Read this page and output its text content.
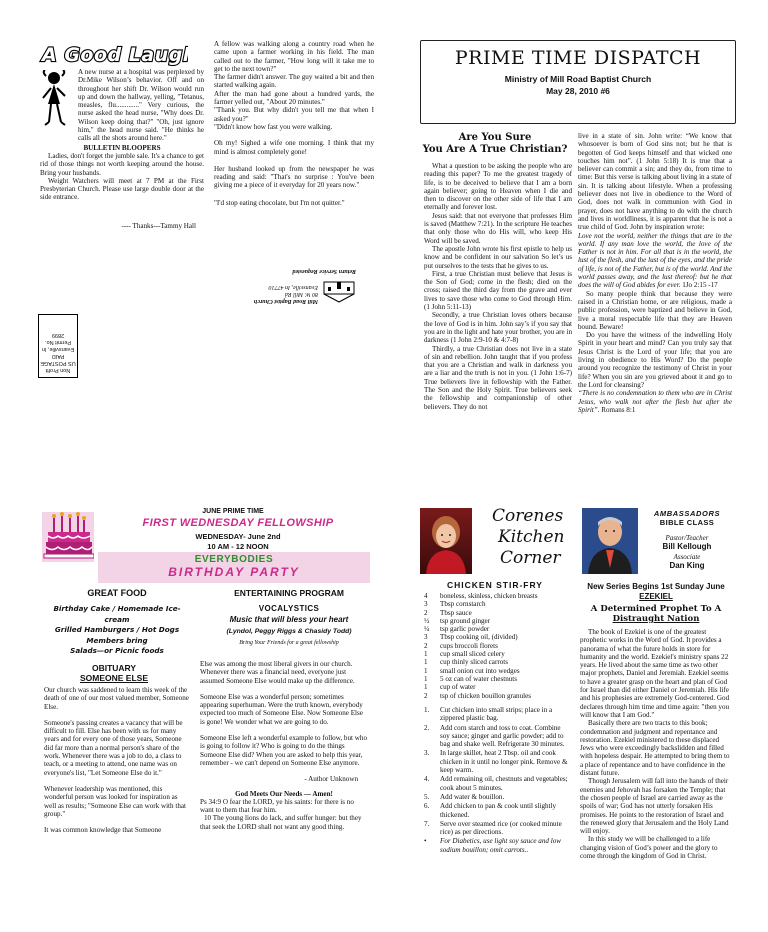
A Good Laugh

A new nurse at a hospital was perplexed by Dr.Mike Wilson’s behavior. Off and on throughout her shift Dr. Wilson would run up and down the hallway, yelling, "Tetanus, measles, flu............." Very curious, the nurse asked the head nurse, "Why does Dr. Wilson keep doing that?" "Oh, just ignore him," the head nurse said. "He thinks he calls all the shots around here."

BULLETIN BLOOPERS

Ladies, don't forget the jumble sale. It's a chance to get rid of those things not worth keeping around the house. Bring your husbands.

Weight Watchers will meet at 7 PM at the First Presbyterian Church. Please use large double door at the side entrance.

---- Thanks---Tammy Hall

A fellow was walking along a country road when he came upon a farmer working in his field. The man called out to the farmer, "How long will it take me to get to the next town?"

The farmer didn't answer. The guy waited a bit and then started walking again.

After the man had gone about a hundred yards, the farmer yelled out, "About 20 minutes."

"Thank you. But why didn't you tell me that when I asked you?"

"Didn't know how fast you were walking.

Oh my! Sighed a wife one morning. I think that my mind is almost completely gone!

Her husband looked up from the newspaper he was reading and said: "That's no surprise : You've been giving me a piece of it everyday for 20 years now."

"I'd stop eating chocolate, but I'm not quitter."

Non Profit
US POSTAGE
PAID
Evansville, In
Permit No. 2899
Mill Road Baptist Church
80 W. Mill Rd
Evansville, In 47710
Return Service Requested
PRIME TIME DISPATCH
Ministry of Mill Road Baptist Church
May 28, 2010 #6
Are You Sure
You Are A True Christian?

What a question to be asking the people who are reading this paper? To me the greatest tragedy of life, is to be deceived to believe that I am a born again believer; going to Heaven when I die and then to discover on the other side of life that I am eternally and forever lost.

Jesus said: that not everyone that professes Him is saved (Matthew 7:21). In the scripture He teaches that only those who do His will, who keep His Word will be saved.

The apostle John wrote his first epistle to help us know and be confident in our salvation So let’s us put ourselves to the tests that he gives to us.

First, a true Christian must believe that Jesus is the Son of God; come in the flesh; died on the cross; raised the third day from the grave and ever lives to save those who come to God through Him. (1 John 5:11-13)

Secondly, a true Christian loves others because the love of God is in him. John say’s if you say that you are in the light and hate your brother, you are in darkness (1 John 2:9-10 & 4:7-8)

Thirdly, a true Christian does not live in a state of sin and rebellion. John taught that if you profess that you are a Christian and walk in darkness you are a liar and the truth is not in you. (1 John 1:6-7) True believers live in fellowship with the Father. The Son and the Holy Spirit. True believers seek the fellowship and companionship of other believers. They do not

live in a state of sin. John write: “We know that whosoever is born of God sins not; but he that is begotten of God keeps himself and that wicked one touches him not”. (1 John 5:18) It is true that a believer can commit a sin; and they do, from time to time: But this verse is talking about living in a state of sin. It is talking about lifestyle. When a professing believer does not live in obedience to the Word of God, does not walk in communion with God in prayer, does not have anything to do with the church and lives in worldliness, it is apparent that he is not a true child of God. John by inspiration wrote:

Love not the world, neither the things that are in the world. If any man love the world, the love of the Father is not in him. For all that is in the world, the lust of the flesh, and the lust of the eyes, and the pride of life, is not of the Father, but is of the world. And the world passes away, and the lust thereof: but he that does the will of God abides for ever. 1Jo 2:15 -17

So many people think that because they were raised in a Christian home, or are religious, made a public profession, were baptized and believe in God, live a moral respectable life that they are Heaven bound. Beware!

Do you have the witness of the indwelling Holy Spirit in your heart and mind? Can you truly say that Jesus Christ is the Lord of your life; that you are living in obedience to His Word? Do the people around you recognize the testimony of Christ in your life? When you sin are you grieved about it and go to the Lord for cleansing?

“There is no condemnation to them who are in Christ Jesus, who walk not after the flesh but after the Spirit”. Romans 8:1

JUNE PRIME TIME
FIRST WEDNESDAY FELLOWSHIP
WEDNESDAY- June 2nd
10 AM - 12 NOON
EVERYBODIES
BIRTHDAY PARTY
GREAT FOOD
Birthday Cake / Homemade Ice-cream
Grilled Hamburgers / Hot Dogs
Members bring
Salads—or Picnic foods
ENTERTAINING PROGRAM
VOCALYSTICS
Music that will bless your heart
(Lyndol, Peggy Riggs & Chasidy Todd)
Bring Your Friends for a great fellowship
OBITUARY
SOMEONE ELSE

Our church was saddened to learn this week of the death of one of our most valued member, Someone Else.

Someone's passing creates a vacancy that will be difficult to fill. Else has been with us for many years and for every one of those years, Someone did far more than a normal person's share of the work. Whenever there was a job to do, a class to teach, or a meeting to attend, one name was on everyone's list, "Let Someone Else do it."

Whenever leadership was mentioned, this wonderful person was looked for inspiration as well as results; "Someone Else can work with that group."

It was common knowledge that Someone

Else was among the most liberal givers in our church. Whenever there was a financial need, everyone just assumed Someone Else would make up the difference.

Someone Else was a wonderful person; sometimes appearing superhuman. Were the truth known, everybody expected too much of Someone Else. Now Someone Else is gone! We wonder what we are going to do.

Someone Else left a wonderful example to follow, but who is going to follow it? Who is going to do the things Someone Else did? When you are asked to help this year, remember - we can't depend on Someone Else anymore.

- Author Unknown

God Meets Our Needs — Amen!

Ps 34:9 O fear the LORD, ye his saints: for there is no want to them that fear him.

10 The young lions do lack, and suffer hunger: but they that seek the LORD shall not want any good thing.

Corenes
Kitchen
Corner
CHICKEN STIR-FRY
4	boneless, skinless, chicken breasts
3	Tbsp cornstarch
2	Tbsp sauce
½	tsp ground ginger
¼	tsp garlic powder
3	Tbsp cooking oil, (divided)
2	cups broccoli florets
1	cup small sliced celery
1	cup thinly sliced carrots
1	small onion cut into wedges
1	5 oz can of water chestnuts
1	cup of water
2	tsp of chicken bouillon granules
1.	Cut chicken into small strips; place in a zippered plastic bag.
2.	Add corn starch and toss to coat. Combine soy sauce; ginger and garlic powder; add to bag and shake well. Refrigerate 30 minutes.
3.	In large skillet, heat 2 Tbsp. oil and cook chicken in it until no longer pink. Remove & keep warm.
4.	Add remaining oil, chestnuts and vegetables; cook about 5 minutes.
5.	Add water & bouillon.
6.	Add chicken to pan & cook until slightly thickened.
7.	Serve over steamed rice (or cooked minute rice) as per directions.
•	For Diabetics, use light soy sauce and low sodium bouillon; omit carrots..
AMBASSADORS
BIBLE CLASS
Pastor/Teacher
Bill Kellough
Associate
Dan King
New Series Begins 1st Sunday June
EZEKIEL
A Determined Prophet To A
Distraught Nation

The book of Ezekiel is one of the greatest prophetic works in the Word of God. It provides a panorama of what the future holds in store for humanity and the world. Ezekiel's ministry spans 22 years. He lived about the same time as two other major prophets, Daniel and Jeremiah. Ezekiel seems to have a greater grasp on the heart and plan of God for Israel than did either Daniel or Jeremiah. His life and his prophesies are extremely God-centered. God declares through him time and time again: "then you will know that I am God."

Basically there are two tracts to this book; condemnation and judgment and repentance and restoration. Ezekiel ministered to these displaced Jews who were exceedingly backslidden and filled with hopeless despair. He attempted to bring them to a place of repentance and to have confidence in the distant future.

Though Jerusalem will fall into the hands of their enemies and Jehovah has forsaken the Temple; that the chosen people of Israel are carried away as the spoils of war; God has not utterly forsaken His promises. He points to the restoration of Israel and the renewed glory that Jerusalem and the Holy Land will enjoy.

In this study we will be challenged to a life changing vision of God’s power and the glory to come through the kingdom of God in Christ.
